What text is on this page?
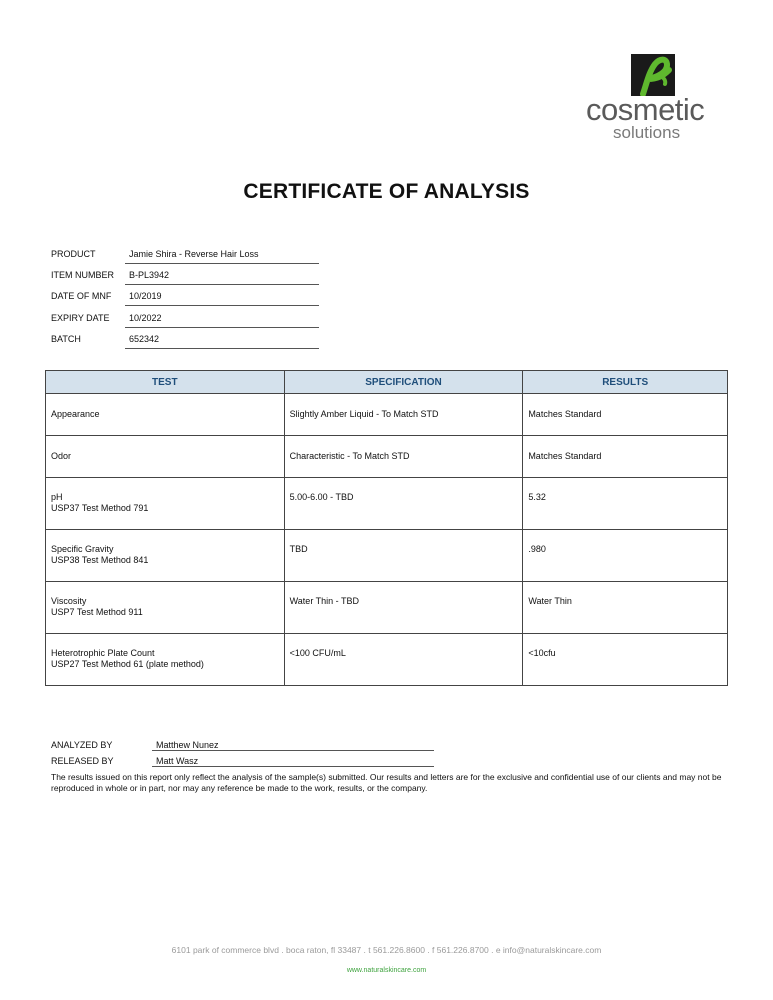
cosmetic
solutions
CERTIFICATE OF ANALYSIS
PRODUCT	Jamie Shira - Reverse Hair Loss
ITEM NUMBER	B-PL3942
DATE OF MNF	10/2019
EXPIRY DATE	10/2022
BATCH	652342
TEST	SPECIFICATION	RESULTS

Appearance	Slightly Amber Liquid - To Match STD	Matches Standard

Odor	Characteristic - To Match STD	Matches Standard

pH
USP37 Test Method 791	5.00-6.00 - TBD	5.32

Specific Gravity
USP38 Test Method 841	TBD	.980

Viscosity
USP7 Test Method 911	Water Thin - TBD	Water Thin

Heterotrophic Plate Count
USP27 Test Method 61 (plate method)	<100 CFU/mL	<10cfu
ANALYZED BY	Matthew Nunez
RELEASED BY	Matt Wasz
The results issued on this report only reflect the analysis of the sample(s) submitted. Our results and letters are for the exclusive and confidential use of our clients and may not be reproduced in whole or in part, nor may any reference be made to the work, results, or the company.
6101 park of commerce blvd . boca raton, fl 33487 . t 561.226.8600 . f 561.226.8700 . e info@naturalskincare.com
www.naturalskincare.com
